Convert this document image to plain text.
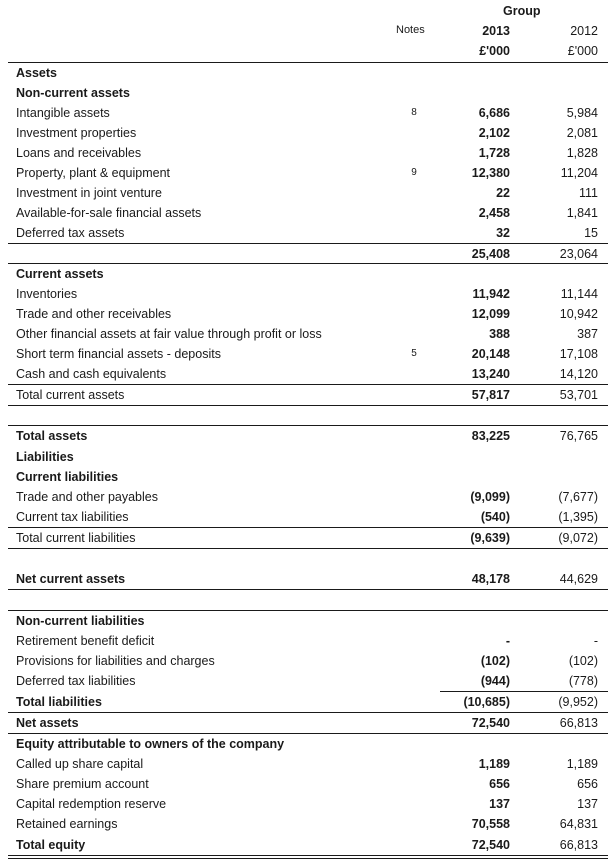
Group
Notes	2013	2012
£'000	£'000
Assets
Non-current assets
Intangible assets	8	6,686	5,984
Investment properties	2,102	2,081
Loans and receivables	1,728	1,828
Property, plant & equipment	9	12,380	11,204
Investment in joint venture	22	111
Available-for-sale financial assets	2,458	1,841
Deferred tax assets	32	15
25,408	23,064
Current assets
Inventories	11,942	11,144
Trade and other receivables	12,099	10,942
Other financial assets at fair value through profit or loss	388	387
Short term financial assets - deposits	5	20,148	17,108
Cash and cash equivalents	13,240	14,120
Total current assets	57,817	53,701
Total assets	83,225	76,765
Liabilities
Current liabilities
Trade and other payables	(9,099)	(7,677)
Current tax liabilities	(540)	(1,395)
Total current liabilities	(9,639)	(9,072)
Net current assets	48,178	44,629
Non-current liabilities
Retirement benefit deficit	-	-
Provisions for liabilities and charges	(102)	(102)
Deferred tax liabilities	(944)	(778)
Total liabilities	(10,685)	(9,952)
Net assets	72,540	66,813
Equity attributable to owners of the company
Called up share capital	1,189	1,189
Share premium account	656	656
Capital redemption reserve	137	137
Retained earnings	70,558	64,831
Total equity	72,540	66,813
